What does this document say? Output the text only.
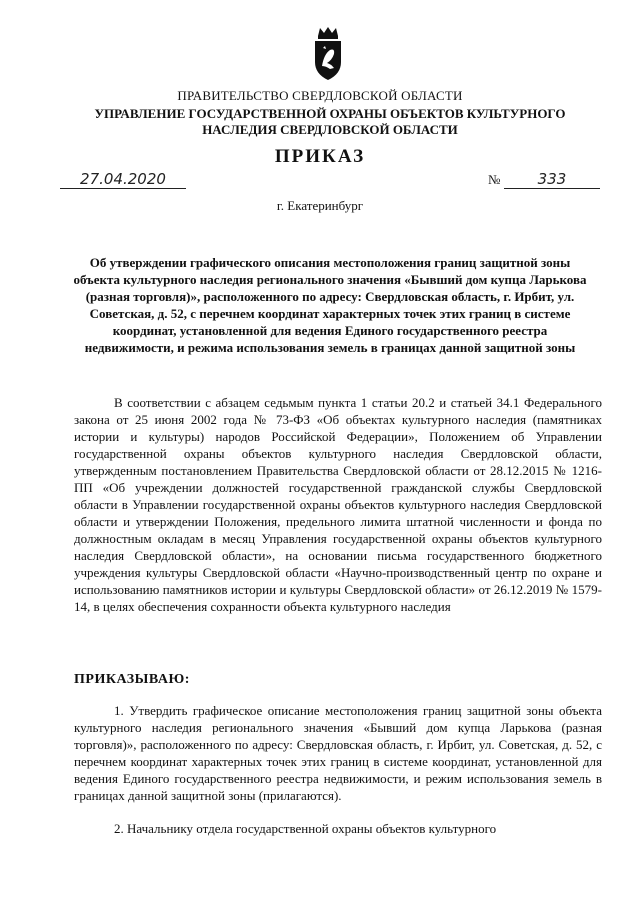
ПРАВИТЕЛЬСТВО СВЕРДЛОВСКОЙ ОБЛАСТИ
УПРАВЛЕНИЕ ГОСУДАРСТВЕННОЙ ОХРАНЫ ОБЪЕКТОВ КУЛЬТУРНОГО НАСЛЕДИЯ СВЕРДЛОВСКОЙ ОБЛАСТИ
ПРИКАЗ
27.04.2020	№	333
г. Екатеринбург
Об утверждении графического описания местоположения границ защитной зоны объекта культурного наследия регионального значения «Бывший дом купца Ларькова (разная торговля)», расположенного по адресу: Свердловская область, г. Ирбит, ул. Советская, д. 52, с перечнем координат характерных точек этих границ в системе координат, установленной для ведения Единого государственного реестра недвижимости, и режима использования земель в границах данной защитной зоны

В соответствии с абзацем седьмым пункта 1 статьи 20.2 и статьей 34.1 Федерального закона от 25 июня 2002 года № 73-ФЗ «Об объектах культурного наследия (памятниках истории и культуры) народов Российской Федерации», Положением об Управлении государственной охраны объектов культурного наследия Свердловской области, утвержденным постановлением Правительства Свердловской области от 28.12.2015 № 1216-ПП «Об учреждении должностей государственной гражданской службы Свердловской области в Управлении государственной охраны объектов культурного наследия Свердловской области и утверждении Положения, предельного лимита штатной численности и фонда по должностным окладам в месяц Управления государственной охраны объектов культурного наследия Свердловской области», на основании письма государственного бюджетного учреждения культуры Свердловской области «Научно-производственный центр по охране и использованию памятников истории и культуры Свердловской области» от 26.12.2019 № 1579-14, в целях обеспечения сохранности объекта культурного наследия

ПРИКАЗЫВАЮ:

1. Утвердить графическое описание местоположения границ защитной зоны объекта культурного наследия регионального значения «Бывший дом купца Ларькова (разная торговля)», расположенного по адресу: Свердловская область, г. Ирбит, ул. Советская, д. 52, с перечнем координат характерных точек этих границ в системе координат, установленной для ведения Единого государственного реестра недвижимости, и режим использования земель в границах данной защитной зоны (прилагаются).

2. Начальнику отдела государственной охраны объектов культурного
